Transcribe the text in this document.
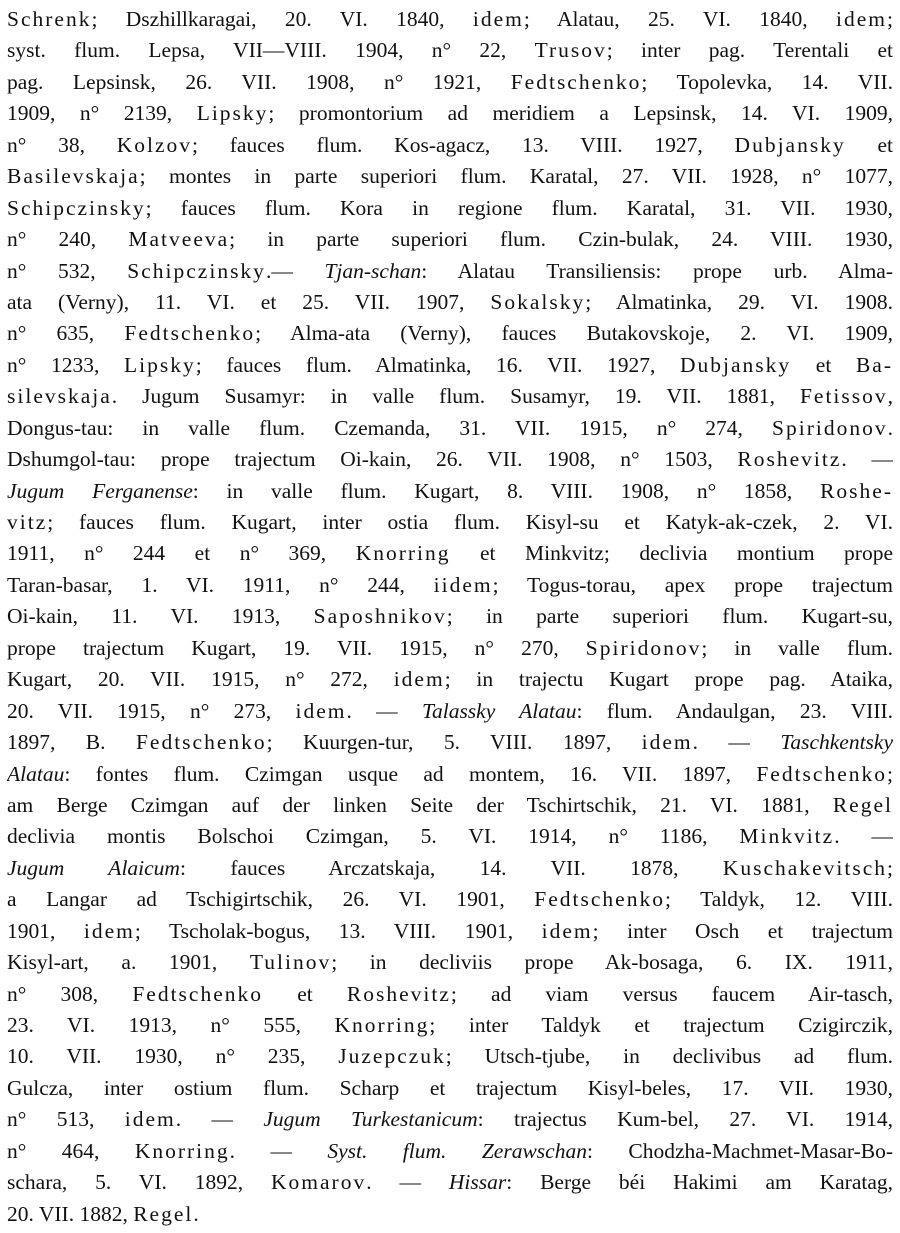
Schrenk; Dszhillkaragai, 20. VI. 1840, idem; Alatau, 25. VI. 1840, idem;
syst. flum. Lepsa, VII—VIII. 1904, n° 22, Trusov; inter pag. Terentali et
pag. Lepsinsk, 26. VII. 1908, n° 1921, Fedtschenko; Topolevka, 14. VII.
1909, n° 2139, Lipsky; promontorium ad meridiem a Lepsinsk, 14. VI. 1909,
n° 38, Kolzov; fauces flum. Kos-agacz, 13. VIII. 1927, Dubjansky et
Basilevskaja; montes in parte superiori flum. Karatal, 27. VII. 1928, n° 1077,
Schipczinsky; fauces flum. Kora in regione flum. Karatal, 31. VII. 1930,
n° 240, Matveeva; in parte superiori flum. Czin-bulak, 24. VIII. 1930,
n° 532, Schipczinsky.— Tjan-schan: Alatau Transiliensis: prope urb. Alma-
ata (Verny), 11. VI. et 25. VII. 1907, Sokalsky; Almatinka, 29. VI. 1908.
n° 635, Fedtschenko; Alma-ata (Verny), fauces Butakovskoje, 2. VI. 1909,
n° 1233, Lipsky; fauces flum. Almatinka, 16. VII. 1927, Dubjansky et Ba-
silevskaja. Jugum Susamyr: in valle flum. Susamyr, 19. VII. 1881, Fetissov,
Dongus-tau: in valle flum. Czemanda, 31. VII. 1915, n° 274, Spiridonov.
Dshumgol-tau: prope trajectum Oi-kain, 26. VII. 1908, n° 1503, Roshevitz. —
Jugum Ferganense: in valle flum. Kugart, 8. VIII. 1908, n° 1858, Roshe-
vitz; fauces flum. Kugart, inter ostia flum. Kisyl-su et Katyk-ak-czek, 2. VI.
1911, n° 244 et n° 369, Knorring et Minkvitz; declivia montium prope
Taran-basar, 1. VI. 1911, n° 244, iidem; Togus-torau, apex prope trajectum
Oi-kain, 11. VI. 1913, Saposhnikov; in parte superiori flum. Kugart-su,
prope trajectum Kugart, 19. VII. 1915, n° 270, Spiridonov; in valle flum.
Kugart, 20. VII. 1915, n° 272, idem; in trajectu Kugart prope pag. Ataika,
20. VII. 1915, n° 273, idem. — Talassky Alatau: flum. Andaulgan, 23. VIII.
1897, B. Fedtschenko; Kuurgen-tur, 5. VIII. 1897, idem. — Taschkentsky
Alatau: fontes flum. Czimgan usque ad montem, 16. VII. 1897, Fedtschenko;
am Berge Czimgan auf der linken Seite der Tschirtschik, 21. VI. 1881, Regel
declivia montis Bolschoi Czimgan, 5. VI. 1914, n° 1186, Minkvitz. —
Jugum Alaicum: fauces Arczatskaja, 14. VII. 1878, Kuschakevitsch;
a Langar ad Tschigirtschik, 26. VI. 1901, Fedtschenko; Taldyk, 12. VIII.
1901, idem; Tscholak-bogus, 13. VIII. 1901, idem; inter Osch et trajectum
Kisyl-art, a. 1901, Tulinov; in decliviis prope Ak-bosaga, 6. IX. 1911,
n° 308, Fedtschenko et Roshevitz; ad viam versus faucem Air-tasch,
23. VI. 1913, n° 555, Knorring; inter Taldyk et trajectum Czigirczik,
10. VII. 1930, n° 235, Juzepczuk; Utsch-tjube, in declivibus ad flum.
Gulcza, inter ostium flum. Scharp et trajectum Kisyl-beles, 17. VII. 1930,
n° 513, idem. — Jugum Turkestanicum: trajectus Kum-bel, 27. VI. 1914,
n° 464, Knorring. — Syst. flum. Zerawschan: Chodzha-Machmet-Masar-Bo-
schara, 5. VI. 1892, Komarov. — Hissar: Berge béi Hakimi am Karatag,
20. VII. 1882, Regel.
